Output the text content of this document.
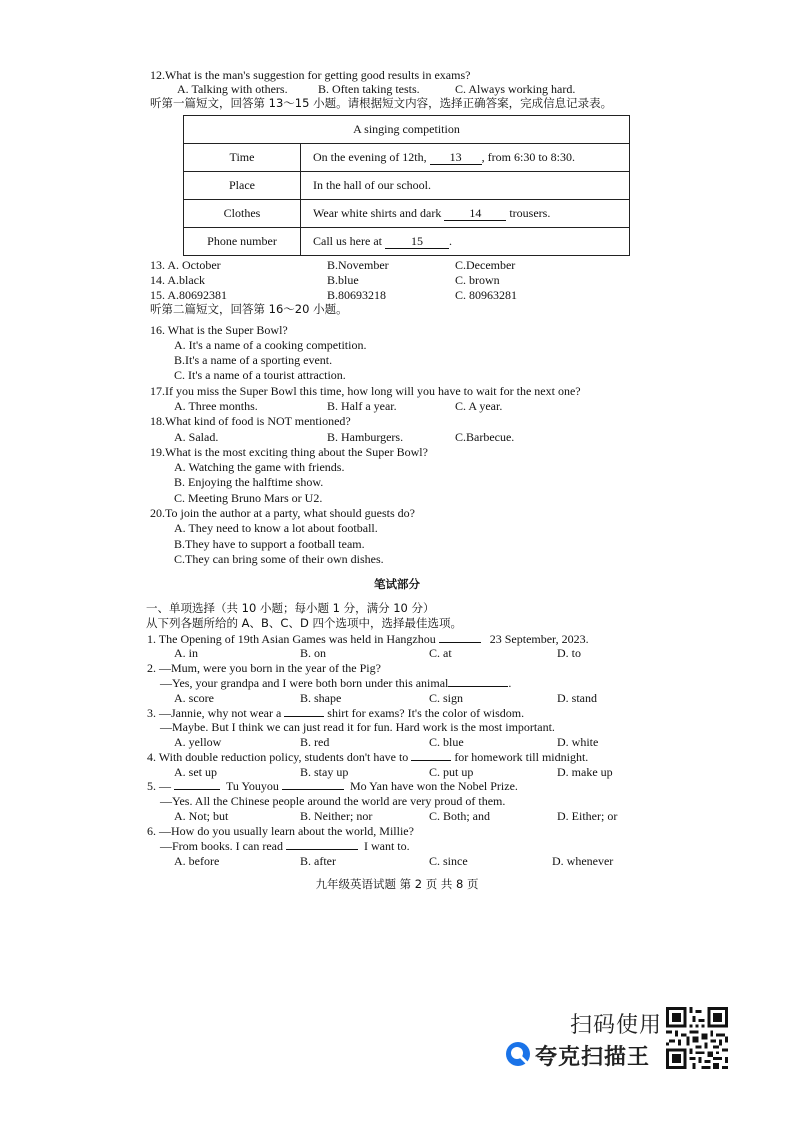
12.What is the man's suggestion for getting good results in exams?
A. Talking with others.	B. Often taking tests.	C. Always working hard.
听第一篇短文，回答第 13～15 小题。请根据短文内容，选择正确答案，完成信息记录表。
A singing competition	
Time	On the evening of 12th, 13 , from 6:30 to 8:30.
Place	In the hall of our school.
Clothes	Wear white shirts and dark 14 trousers.
Phone number	Call us here at 15 .
13. A. October	B.November	C.December
14. A.black	B.blue	C. brown
15. A.80692381	B.80693218	C. 80963281
听第二篇短文，回答第 16～20 小题。
16. What is the Super Bowl?
A. It's a name of a cooking competition.
B.It's a name of a sporting event.
C. It's a name of a tourist attraction.
17.If you miss the Super Bowl this time, how long will you have to wait for the next one?
A. Three months.	B. Half a year.	C. A year.
18.What kind of food is NOT mentioned?
A. Salad.	B. Hamburgers.	C.Barbecue.
19.What is the most exciting thing about the Super Bowl?
A. Watching the game with friends.
B. Enjoying the halftime show.
C. Meeting Bruno Mars or U2.
20.To join the author at a party, what should guests do?
A. They need to know a lot about football.
B.They have to support a football team.
C.They can bring some of their own dishes.
笔试部分
一、单项选择（共 10 小题；每小题 1 分，满分 10 分）
从下列各题所给的 A、B、C、D 四个选项中，选择最佳选项。
1. The Opening of 19th Asian Games was held in Hangzhou	23 September, 2023.
A. in	B. on	C. at	D. to
2. —Mum, were you born in the year of the Pig?
—Yes, your grandpa and I were both born under this animal	.
A. score	B. shape	C. sign	D. stand
3. —Jannie, why not wear a	shirt for exams? It's the color of wisdom.
—Maybe. But I think we can just read it for fun. Hard work is the most important.
A. yellow	B. red	C. blue	D. white
4. With double reduction policy, students don't have to	for homework till midnight.
A. set up	B. stay up	C. put up	D. make up
5. —	Tu Youyou	Mo Yan have won the Nobel Prize.
—Yes. All the Chinese people around the world are very proud of them.
A. Not; but	B. Neither; nor	C. Both; and	D. Either; or
6. —How do you usually learn about the world, Millie?
—From books. I can read	I want to.
A. before	B. after	C. since	D. whenever
九年级英语试题 第 2 页 共 8 页
扫码使用
夸克扫描王
